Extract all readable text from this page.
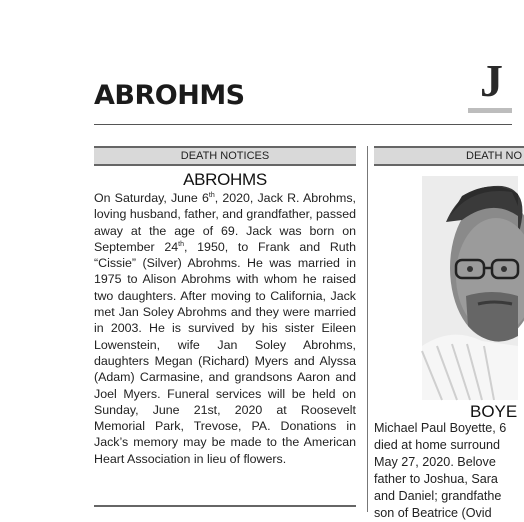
ABROHMS	J
DEATH NOTICES
ABROHMS
On Saturday, June 6th, 2020, Jack R. Abrohms, loving husband, father, and grandfather, passed away at the age of 69. Jack was born on September 24th, 1950, to Frank and Ruth “Cissie” (Silver) Abrohms. He was married in 1975 to Alison Abrohms with whom he raised two daughters. After moving to California, Jack met Jan Soley Abrohms and they were married in 2003. He is survived by his sister Eileen Lowenstein, wife Jan Soley Abrohms, daughters Megan (Richard) Myers and Alyssa (Adam) Carmasine, and grandsons Aaron and Joel Myers. Funeral services will be held on Sunday, June 21st, 2020 at Roosevelt Memorial Park, Trevose, PA. Donations in Jack’s memory may be made to the American Heart Association in lieu of flowers.
DEATH NO
BOYE
Michael Paul Boyette, 6
died at home surround
May 27, 2020. Belove
father to Joshua, Sara
and Daniel; grandfathe
son of Beatrice (Ovid
